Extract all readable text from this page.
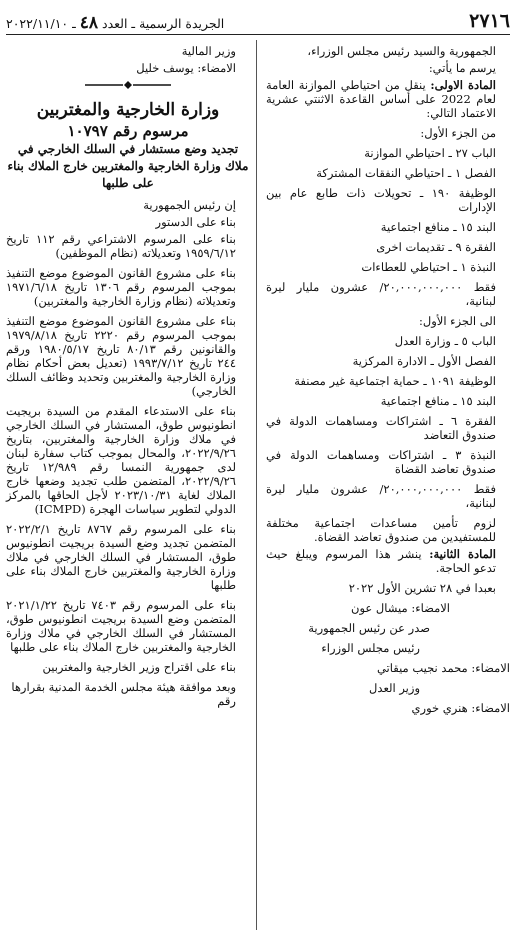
٢٧١٦
الجريدة الرسمية ـ العدد ٤٨ ـ ٢٠٢٢/١١/١٠

الجمهورية والسيد رئيس مجلس الوزراء،

يرسم ما يأتي:

المادة الاولى: ينقل من احتياطي الموازنة العامة لعام 2022 على أساس القاعدة الاثنتي عشرية الاعتماد التالي:

من الجزء الأول:

الباب ٢٧ ـ احتياطي الموازنة

الفصل ١ ـ احتياطي النفقات المشتركة

الوظيفة ١٩٠ ـ تحويلات ذات طابع عام بين الإدارات

البند ١٥ ـ منافع اجتماعية

الفقرة ٩ ـ تقديمات اخرى

النبذة ١ ـ احتياطي للعطاءات

فقط ٢٠,٠٠٠,٠٠٠,٠٠٠/ عشرون مليار ليرة لبنانية،

الى الجزء الأول:

الباب ٥ ـ وزارة العدل

الفصل الأول ـ الادارة المركزية

الوظيفة ١٠٩١ ـ حماية اجتماعية غير مصنفة

البند ١٥ ـ منافع اجتماعية

الفقرة ٦ ـ اشتراكات ومساهمات الدولة في صندوق التعاضد

النبذة ٣ ـ اشتراكات ومساهمات الدولة في صندوق تعاضد القضاة

فقط ٢٠,٠٠٠,٠٠٠,٠٠٠/ عشرون مليار ليرة لبنانية،

لزوم تأمين مساعدات اجتماعية مختلفة للمستفيدين من صندوق تعاضد القضاة.

المادة الثانية: ينشر هذا المرسوم ويبلغ حيث تدعو الحاجة.

بعبدا في ٢٨ تشرين الأول ٢٠٢٢

الامضاء: ميشال عون

صدر عن رئيس الجمهورية

رئيس مجلس الوزراء

الامضاء: محمد نجيب ميقاتي

وزير العدل

الامضاء: هنري خوري

وزير المالية

الامضاء: يوسف خليل

وزارة الخارجية والمغتربين

مرسوم رقم ١٠٧٩٧

تجديد وضع مستشار في السلك الخارجي في ملاك وزارة الخارجية والمغتربين خارج الملاك بناء على طلبها

إن رئيس الجمهورية

بناء على الدستور

بناء على المرسوم الاشتراعي رقم ١١٢ تاريخ ١٩٥٩/٦/١٢ وتعديلاته (نظام الموظفين)

بناء على مشروع القانون الموضوع موضع التنفيذ بموجب المرسوم رقم ١٣٠٦ تاريخ ١٩٧١/٦/١٨ وتعديلاته (نظام وزارة الخارجية والمغتربين)

بناء على مشروع القانون الموضوع موضع التنفيذ بموجب المرسوم رقم ٢٢٢٠ تاريخ ١٩٧٩/٨/١٨ والقانونين رقم ٨٠/١٣ تاريخ ١٩٨٠/٥/١٧ ورقم ٢٤٤ تاريخ ١٩٩٣/٧/١٢ (تعديل بعض أحكام نظام وزارة الخارجية والمغتربين وتحديد وظائف السلك الخارجي)

بناء على الاستدعاء المقدم من السيدة بريجيت انطونيوس طوق، المستشار في السلك الخارجي في ملاك وزارة الخارجية والمغتربين، بتاريخ ٢٠٢٢/٩/٢٦، والمحال بموجب كتاب سفارة لبنان لدى جمهورية النمسا رقم ١٢/٩٨٩ تاريخ ٢٠٢٢/٩/٢٦، المتضمن طلب تجديد وضعها خارج الملاك لغاية ٢٠٢٣/١٠/٣١ لأجل الحاقها بالمركز الدولي لتطوير سياسات الهجرة (ICMPD)

بناء على المرسوم رقم ٨٧٦٧ تاريخ ٢٠٢٢/٢/١ المتضمن تجديد وضع السيدة بريجيت انطونيوس طوق، المستشار في السلك الخارجي في ملاك وزارة الخارجية والمغتربين خارج الملاك بناء على طلبها

بناء على المرسوم رقم ٧٤٠٣ تاريخ ٢٠٢١/١/٢٢ المتضمن وضع السيدة بريجيت انطونيوس طوق، المستشار في السلك الخارجي في ملاك وزارة الخارجية والمغتربين خارج الملاك بناء على طلبها

بناء على اقتراح وزير الخارجية والمغتربين

وبعد موافقة هيئة مجلس الخدمة المدنية بقرارها رقم
